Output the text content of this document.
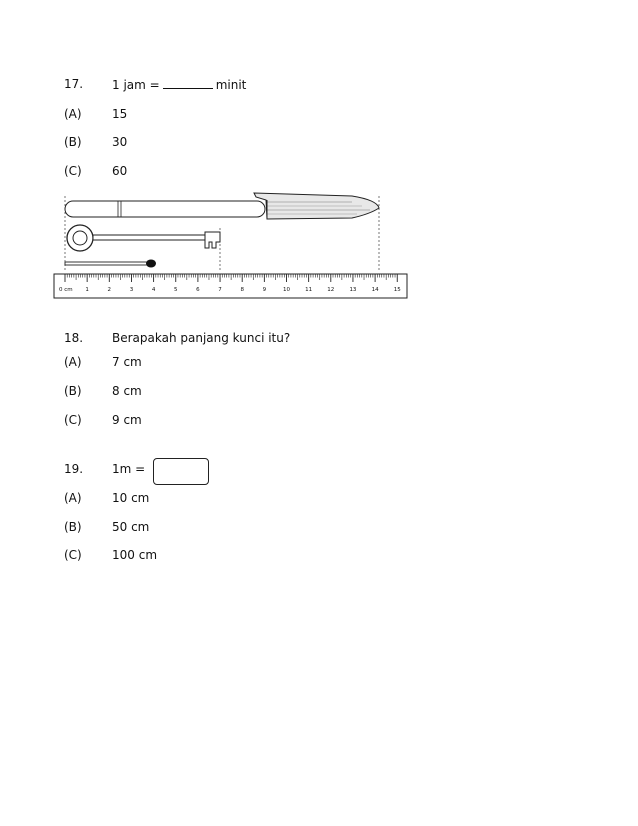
17. 1 jam =	minit
(A)	15
(B)	30
(C)	60
0 cm 1	2	3	4	5	6	7	8	9	10	11	12	13	14	15
18. Berapakah panjang kunci itu?
(A)	7 cm
(B)	8 cm
(C)	9 cm
19. 1m =
(A)	10 cm
(B)	50 cm
(C)	100 cm
